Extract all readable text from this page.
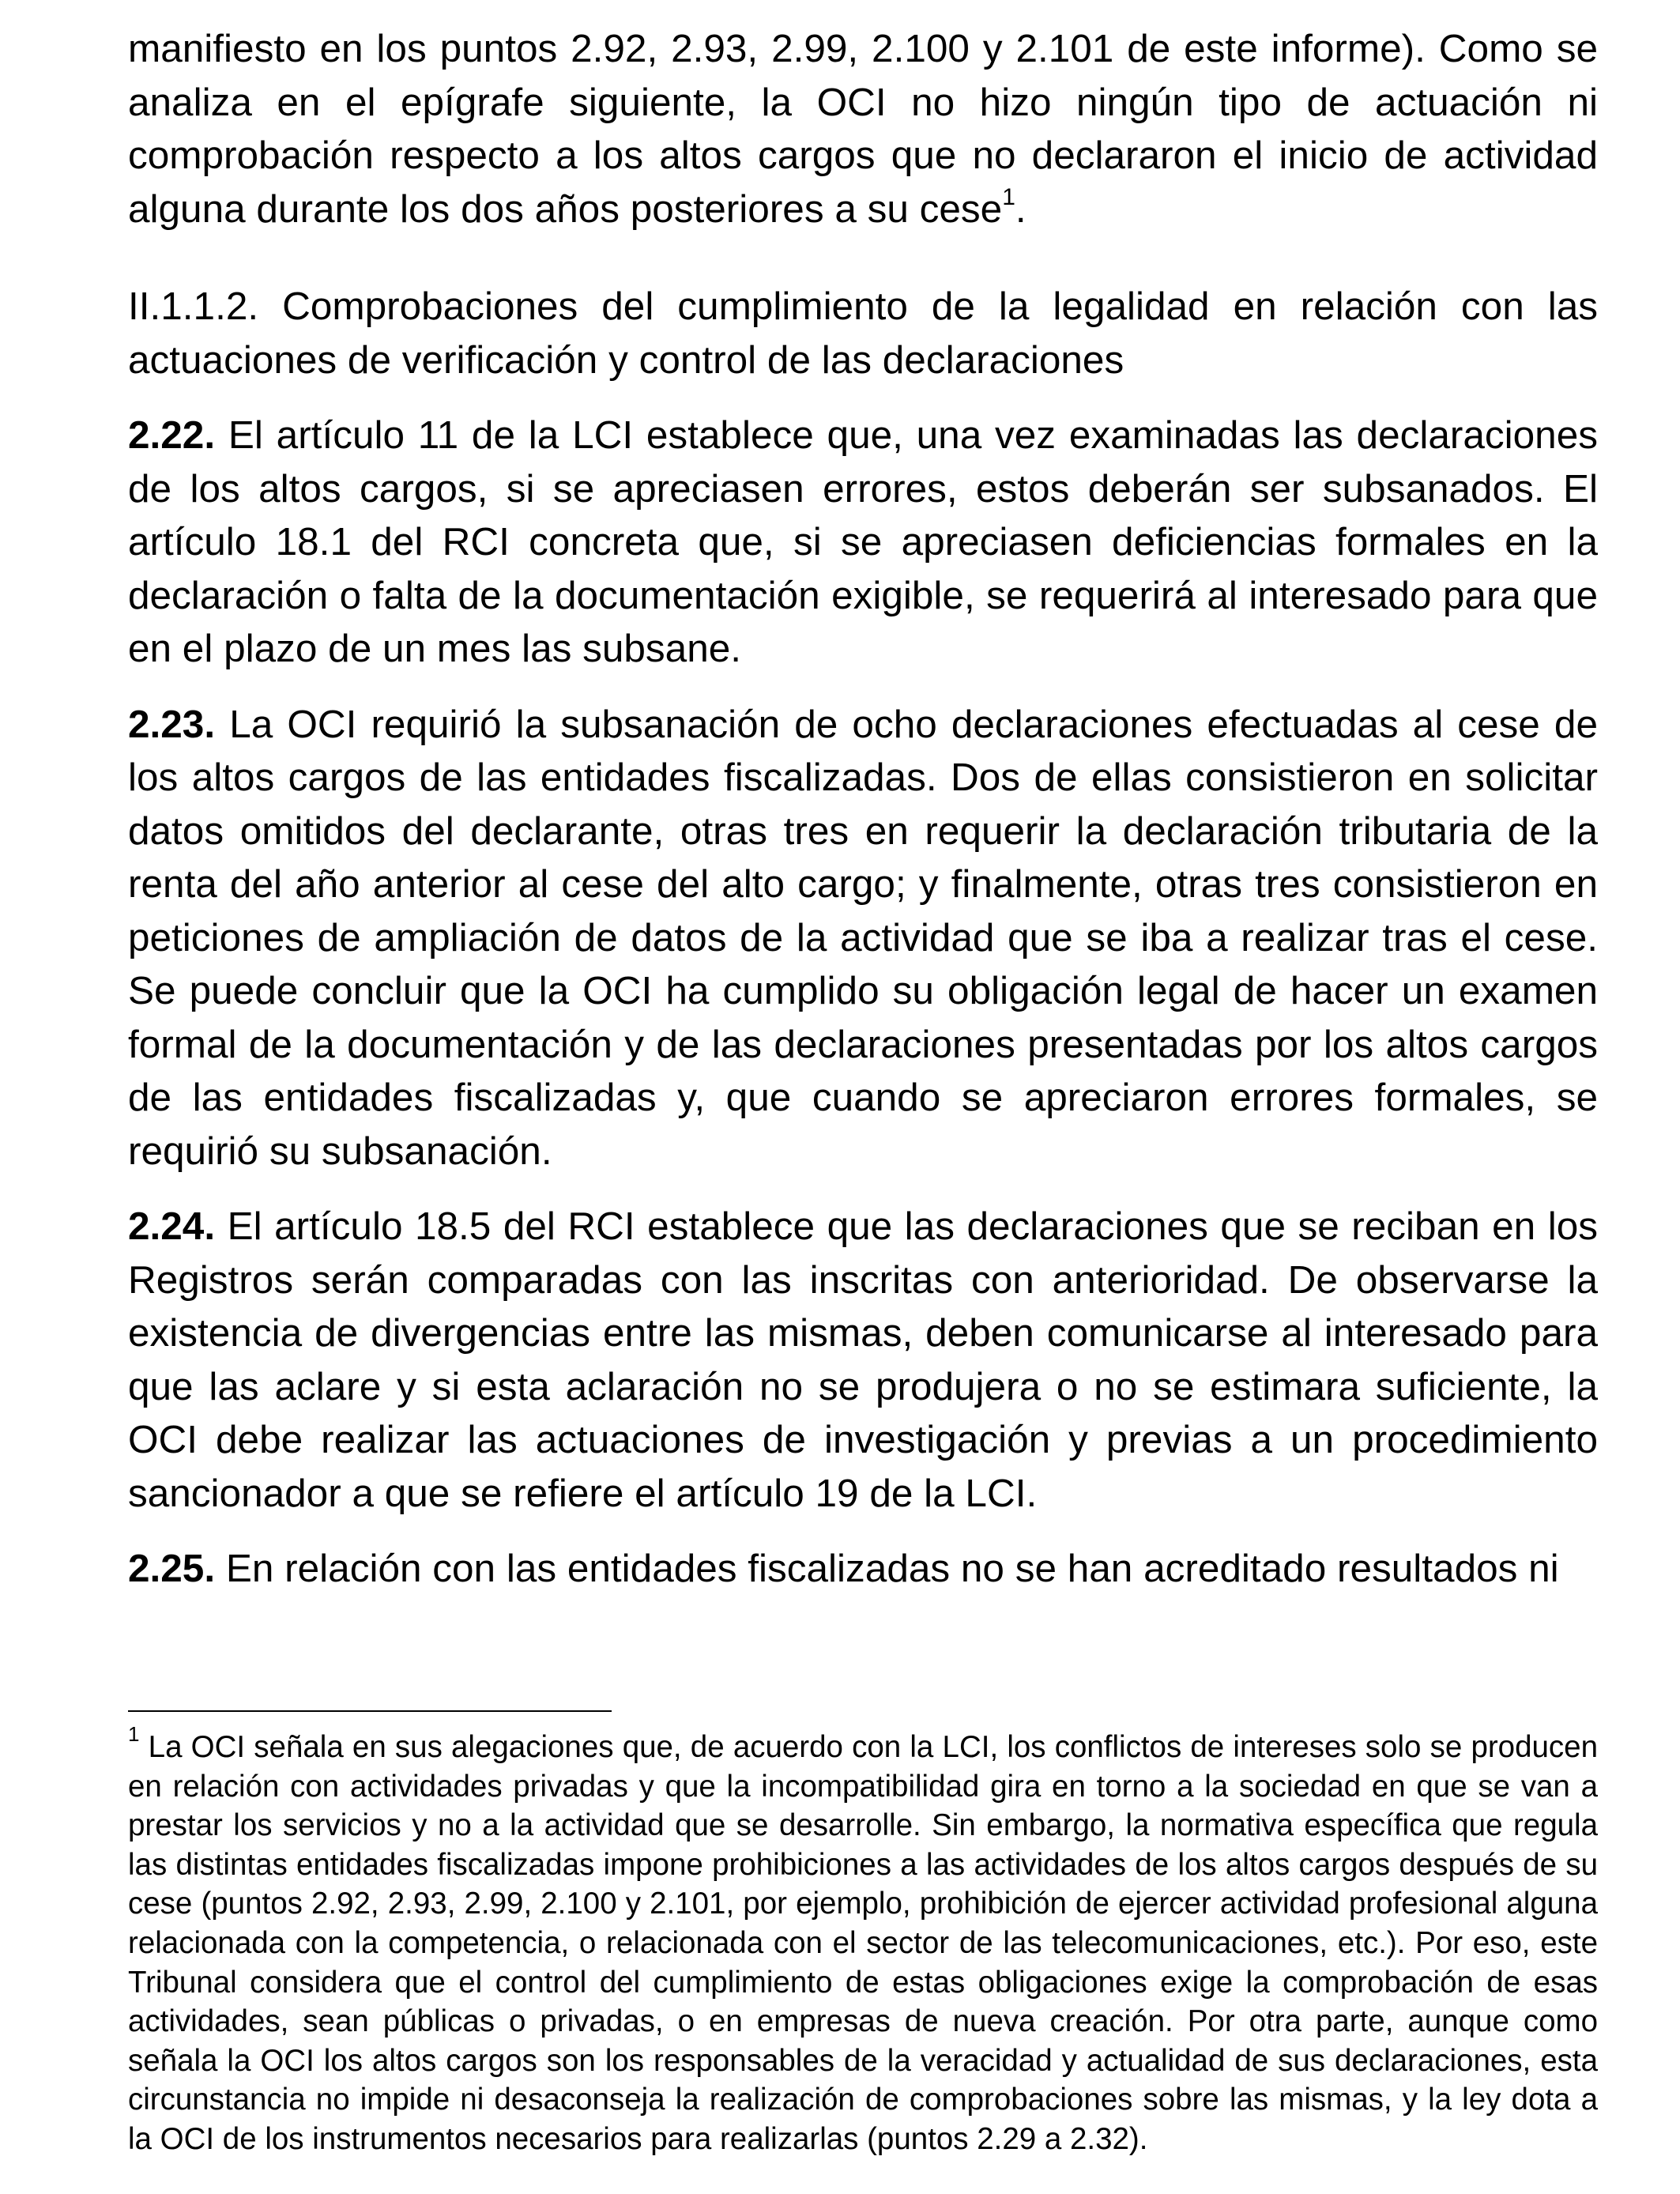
manifiesto en los puntos 2.92, 2.93, 2.99, 2.100 y 2.101 de este informe). Como se analiza en el epígrafe siguiente, la OCI no hizo ningún tipo de actuación ni comprobación respecto a los altos cargos que no declararon el inicio de actividad alguna durante los dos años posteriores a su cese$^1$.

II.1.1.2. Comprobaciones del cumplimiento de la legalidad en relación con las actuaciones de verificación y control de las declaraciones

2.22. El artículo 11 de la LCI establece que, una vez examinadas las declaraciones de los altos cargos, si se apreciasen errores, estos deberán ser subsanados. El artículo 18.1 del RCI concreta que, si se apreciasen deficiencias formales en la declaración o falta de la documentación exigible, se requerirá al interesado para que en el plazo de un mes las subsane.

2.23. La OCI requirió la subsanación de ocho declaraciones efectuadas al cese de los altos cargos de las entidades fiscalizadas. Dos de ellas consistieron en solicitar datos omitidos del declarante, otras tres en requerir la declaración tributaria de la renta del año anterior al cese del alto cargo; y finalmente, otras tres consistieron en peticiones de ampliación de datos de la actividad que se iba a realizar tras el cese. Se puede concluir que la OCI ha cumplido su obligación legal de hacer un examen formal de la documentación y de las declaraciones presentadas por los altos cargos de las entidades fiscalizadas y, que cuando se apreciaron errores formales, se requirió su subsanación.

2.24. El artículo 18.5 del RCI establece que las declaraciones que se reciban en los Registros serán comparadas con las inscritas con anterioridad. De observarse la existencia de divergencias entre las mismas, deben comunicarse al interesado para que las aclare y si esta aclaración no se produjera o no se estimara suficiente, la OCI debe realizar las actuaciones de investigación y previas a un procedimiento sancionador a que se refiere el artículo 19 de la LCI.

2.25. En relación con las entidades fiscalizadas no se han acreditado resultados ni

$^1$ La OCI señala en sus alegaciones que, de acuerdo con la LCI, los conflictos de intereses solo se producen en relación con actividades privadas y que la incompatibilidad gira en torno a la sociedad en que se van a prestar los servicios y no a la actividad que se desarrolle. Sin embargo, la normativa específica que regula las distintas entidades fiscalizadas impone prohibiciones a las actividades de los altos cargos después de su cese (puntos 2.92, 2.93, 2.99, 2.100 y 2.101, por ejemplo, prohibición de ejercer actividad profesional alguna relacionada con la competencia, o relacionada con el sector de las telecomunicaciones, etc.). Por eso, este Tribunal considera que el control del cumplimiento de estas obligaciones exige la comprobación de esas actividades, sean públicas o privadas, o en empresas de nueva creación. Por otra parte, aunque como señala la OCI los altos cargos son los responsables de la veracidad y actualidad de sus declaraciones, esta circunstancia no impide ni desaconseja la realización de comprobaciones sobre las mismas, y la ley dota a la OCI de los instrumentos necesarios para realizarlas (puntos 2.29 a 2.32).
